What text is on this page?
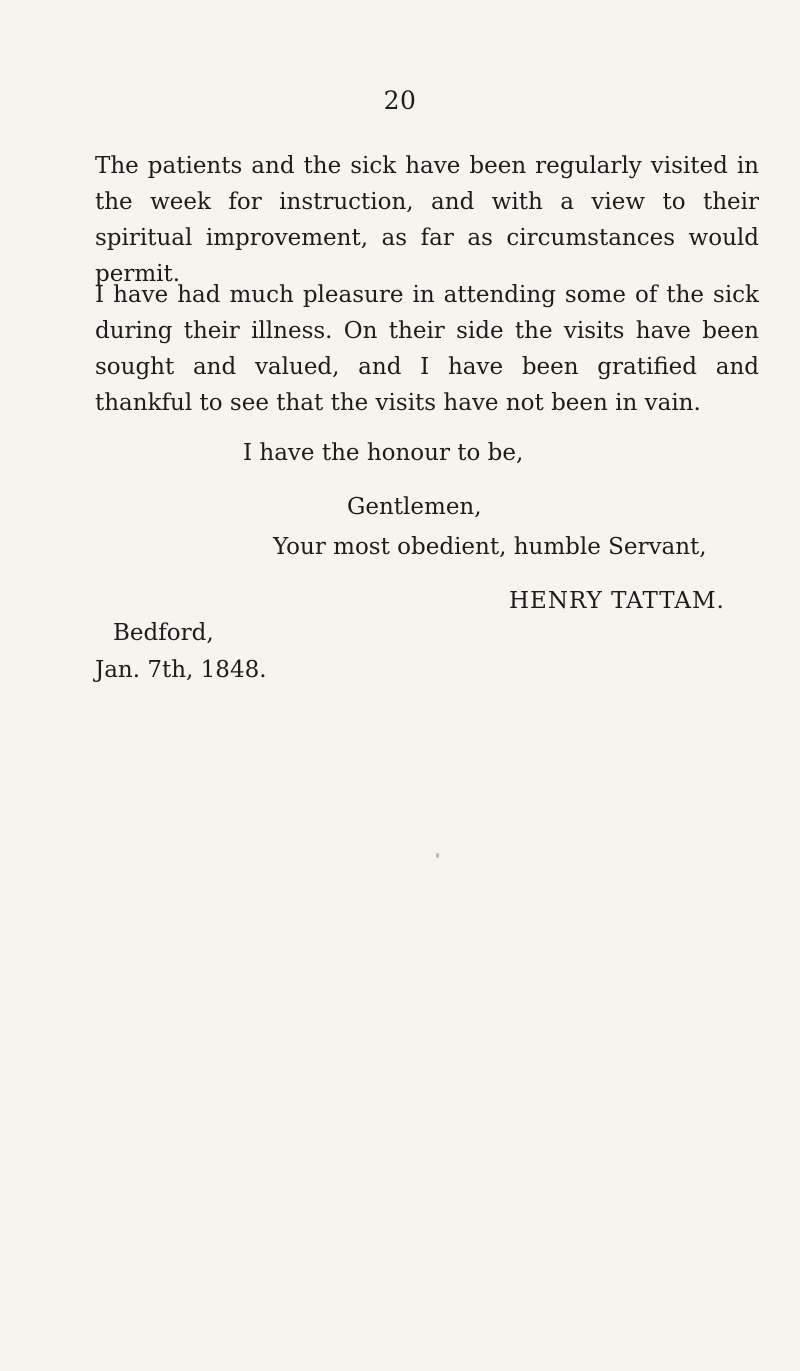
20

The patients and the sick have been regularly visited in the week for instruction, and with a view to their spiritual improvement, as far as circumstances would permit.

I have had much pleasure in attending some of the sick during their illness. On their side the visits have been sought and valued, and I have been gratified and thankful to see that the visits have not been in vain.

I have the honour to be,
Gentlemen,
Your most obedient, humble Servant,
HENRY TATTAM.
Bedford,
Jan. 7th, 1848.
